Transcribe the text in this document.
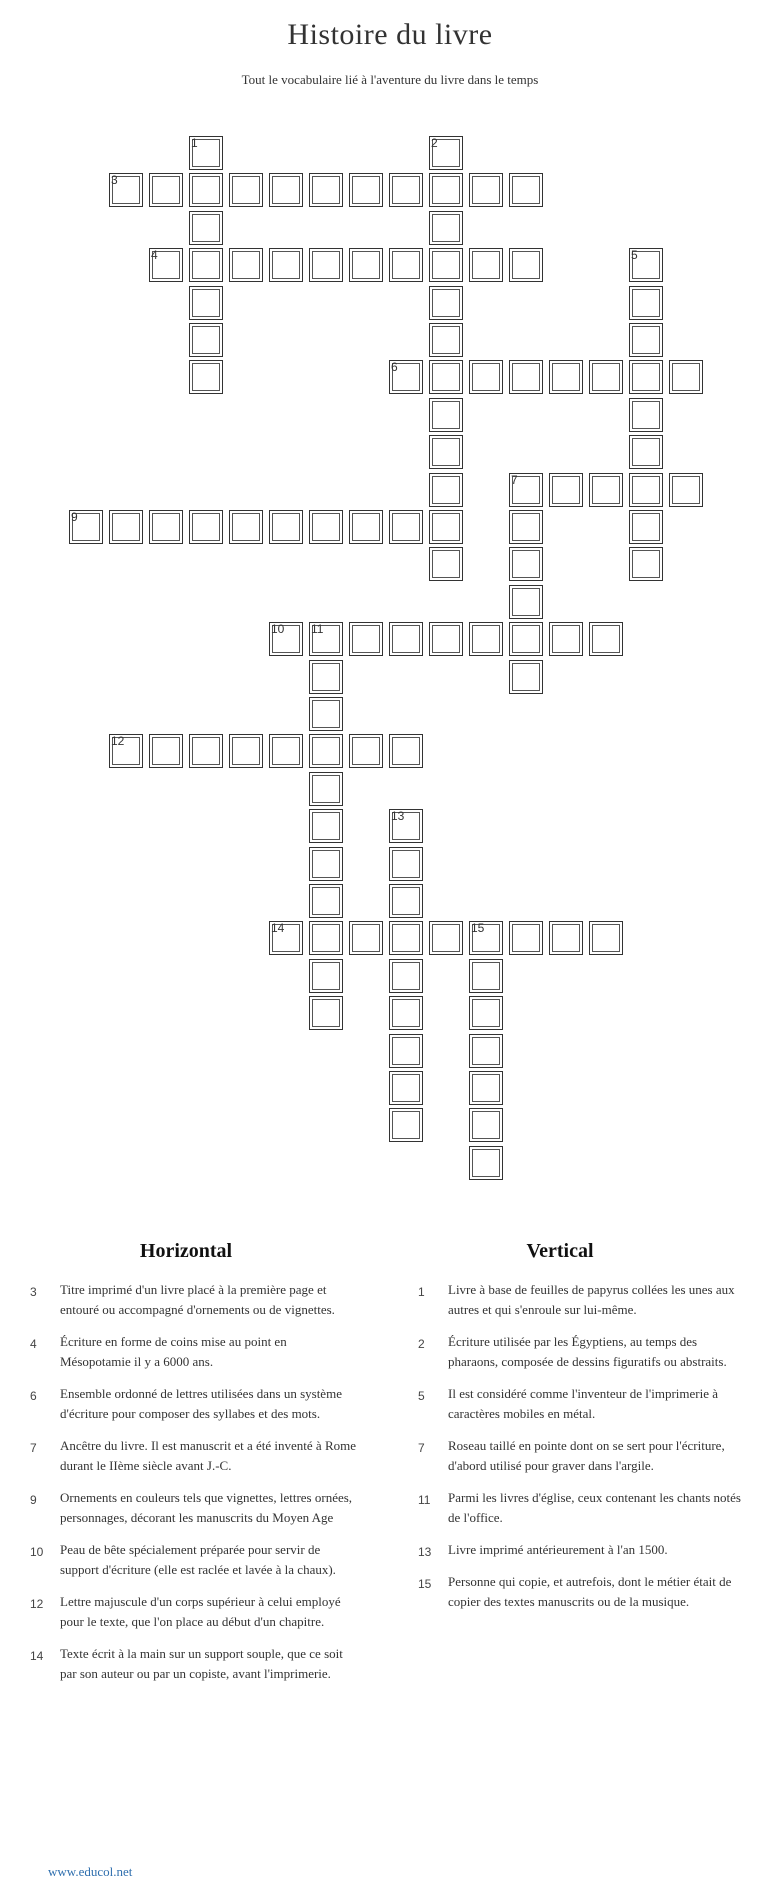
Histoire du livre
Tout le vocabulaire lié à l'aventure du livre dans le temps
1	2
3
4	5
6
7
9
10 11
12
13
14	15
Horizontal
3	Titre imprimé d'un livre placé à la première page et entouré ou accompagné d'ornements ou de vignettes.
4	Écriture en forme de coins mise au point en Mésopotamie il y a 6000 ans.
6	Ensemble ordonné de lettres utilisées dans un système d'écriture pour composer des syllabes et des mots.
7	Ancêtre du livre. Il est manuscrit et a été inventé à Rome durant le IIème siècle avant J.-C.
9	Ornements en couleurs tels que vignettes, lettres ornées, personnages, décorant les manuscrits du Moyen Age
10	Peau de bête spécialement préparée pour servir de support d'écriture (elle est raclée et lavée à la chaux).
12	Lettre majuscule d'un corps supérieur à celui employé pour le texte, que l'on place au début d'un chapitre.
14	Texte écrit à la main sur un support souple, que ce soit par son auteur ou par un copiste, avant l'imprimerie.
Vertical
1	Livre à base de feuilles de papyrus collées les unes aux autres et qui s'enroule sur lui-même.
2	Écriture utilisée par les Égyptiens, au temps des pharaons, composée de dessins figuratifs ou abstraits.
5	Il est considéré comme l'inventeur de l'imprimerie à caractères mobiles en métal.
7	Roseau taillé en pointe dont on se sert pour l'écriture, d'abord utilisé pour graver dans l'argile.
11	Parmi les livres d'église, ceux contenant les chants notés de l'office.
13	Livre imprimé antérieurement à l'an 1500.
15	Personne qui copie, et autrefois, dont le métier était de copier des textes manuscrits ou de la musique.
www.educol.net
